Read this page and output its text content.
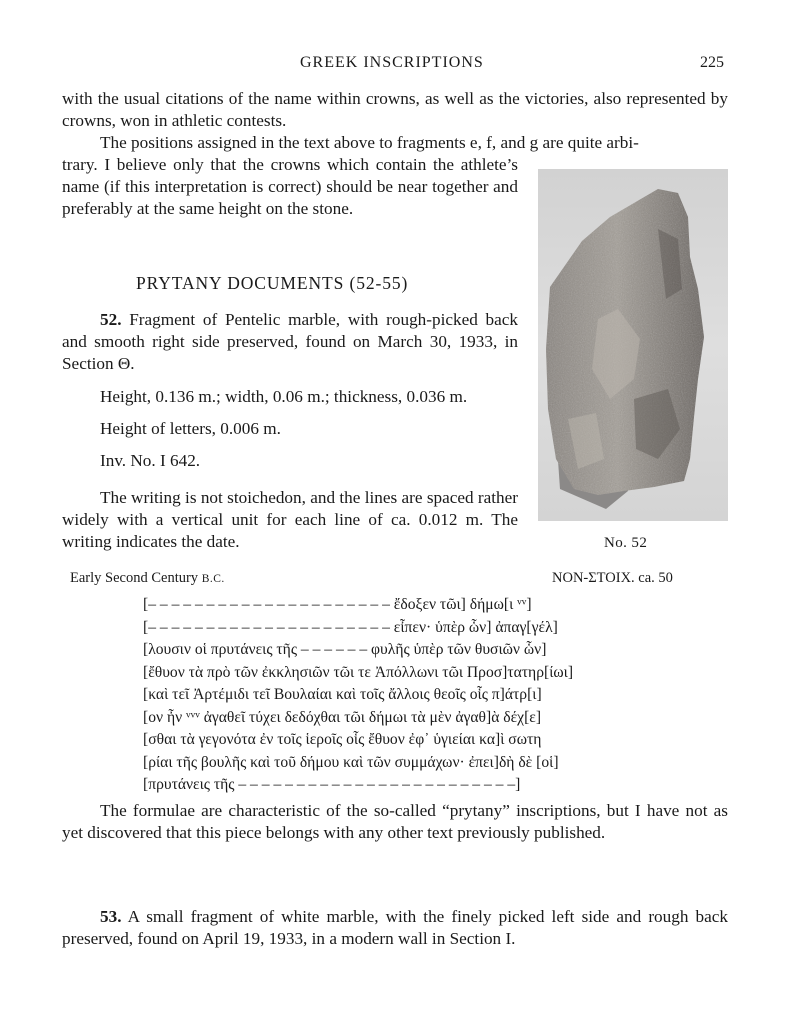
GREEK INSCRIPTIONS	225
with the usual citations of the name within crowns, as well as the victories, also represented by crowns, won in athletic contests.
The positions assigned in the text above to fragments e, f, and g are quite arbi-
trary. I believe only that the crowns which contain the athlete’s name (if this interpretation is correct) should be near together and preferably at the same height on the stone.
PRYTANY DOCUMENTS (52-55)
52. Fragment of Pentelic marble, with rough-picked back and smooth right side preserved, found on March 30, 1933, in Section Θ.
Height, 0.136 m.; width, 0.06 m.; thickness, 0.036 m.
Height of letters, 0.006 m.
Inv. No. I 642.
The writing is not stoichedon, and the lines are spaced rather widely with a vertical unit for each line of ca. 0.012 m. The writing indicates the date.	No. 52
Early Second Century B.C.	NON-ΣTOIX. ca. 50
[– – – – – – – – – – – – – – – – – – – – – ἔδοξεν τῶι] δήμω[ι ᵛᵛ]
[– – – – – – – – – – – – – – – – – – – – – εἶπεν· ὑπὲρ ὧν] ἀπαγ[γέλ]
[λουσιν οἱ πρυτάνεις τῆς – – – – – – φυλῆς ὑπὲρ τῶν θυσιῶν ὧν]
[ἔθυον τὰ πρὸ τῶν ἐκκλησιῶν τῶι τε Ἀπόλλωνι τῶι Προσ]τατηρ[ίωι]
[καὶ τεῖ Ἀρτέμιδι τεῖ Βουλαίαι καὶ τοῖς ἄλλοις θεοῖς οἷς π]άτρ[ι]
[ον ἦν ᵛᵛᵛ ἀγαθεῖ τύχει δεδόχθαι τῶι δήμωι τὰ μὲν ἀγαθ]ὰ δέχ[ε]
[σθαι τὰ γεγονότα ἐν τοῖς ἱεροῖς οἷς ἔθυον ἐφ᾽ ὑγιείαι κα]ὶ σωτη
[ρίαι τῆς βουλῆς καὶ τοῦ δήμου καὶ τῶν συμμάχων· ἐπει]δὴ δὲ [οἱ]
[πρυτάνεις τῆς – – – – – – – – – – – – – – – – – – – – – – – –]
The formulae are characteristic of the so-called “prytany” inscriptions, but I have not as yet discovered that this piece belongs with any other text previously published.
53. A small fragment of white marble, with the finely picked left side and rough back preserved, found on April 19, 1933, in a modern wall in Section I.
